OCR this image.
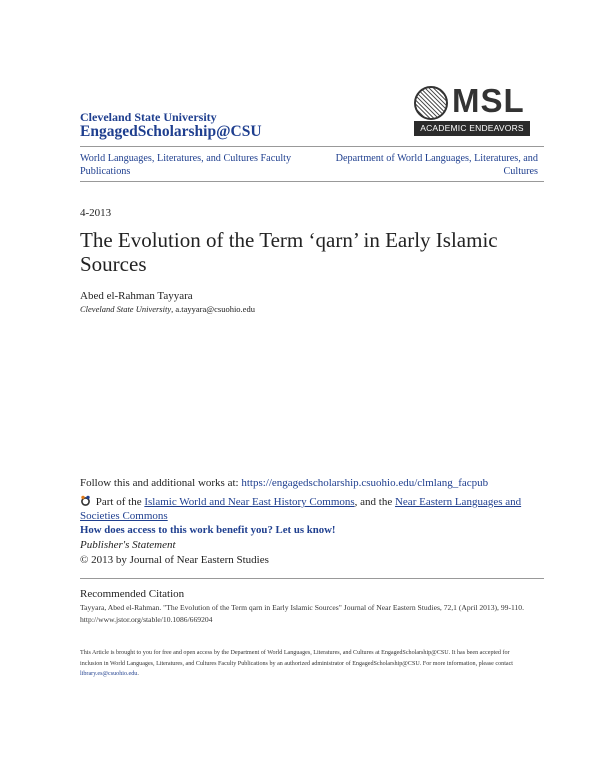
Cleveland State University
EngagedScholarship@CSU
MSL
ACADEMIC ENDEAVORS
World Languages, Literatures, and Cultures Faculty Publications
Department of World Languages, Literatures, and Cultures
4-2013
The Evolution of the Term ‘qarn’ in Early Islamic Sources
Abed el-Rahman Tayyara
Cleveland State University, a.tayyara@csuohio.edu
Follow this and additional works at: https://engagedscholarship.csuohio.edu/clmlang_facpub
Part of the Islamic World and Near East History Commons, and the Near Eastern Languages and Societies Commons
How does access to this work benefit you? Let us know!
Publisher's Statement
© 2013 by Journal of Near Eastern Studies
Recommended Citation
Tayyara, Abed el-Rahman. "The Evolution of the Term qarn in Early Islamic Sources" Journal of Near Eastern Studies, 72,1 (April 2013), 99-110. http://www.jstor.org/stable/10.1086/669204
This Article is brought to you for free and open access by the Department of World Languages, Literatures, and Cultures at EngagedScholarship@CSU. It has been accepted for inclusion in World Languages, Literatures, and Cultures Faculty Publications by an authorized administrator of EngagedScholarship@CSU. For more information, please contact library.es@csuohio.edu.
